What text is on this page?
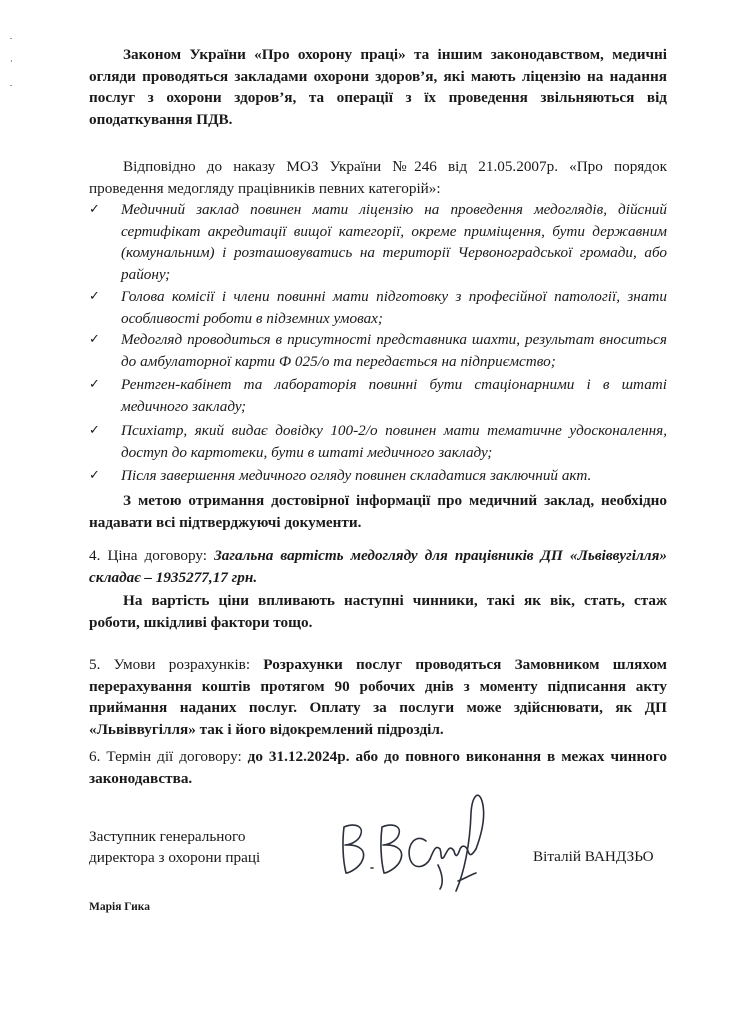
Законом України «Про охорону праці» та іншим законодавством, медичні огляди проводяться закладами охорони здоров’я, які мають ліцензію на надання послуг з охорони здоров’я, та операції з їх проведення звільняються від оподаткування ПДВ.

Відповідно до наказу МОЗ України №246 від 21.05.2007р. «Про порядок проведення медогляду працівників певних категорій»:

✓ Медичний заклад повинен мати ліцензію на проведення медоглядів, дійсний сертифікат акредитації вищої категорії, окреме приміщення, бути державним (комунальним) і розташовуватись на території Червоноградської громади, або району;
✓ Голова комісії і члени повинні мати підготовку з професійної патології, знати особливості роботи в підземних умовах;
✓ Медогляд проводиться в присутності представника шахти, результат вноситься до амбулаторної карти Ф 025/о та передається на підприємство;
✓ Рентген-кабінет та лабораторія повинні бути стаціонарними і в штаті медичного закладу;
✓ Психіатр, який видає довідку 100-2/о повинен мати тематичне удосконалення, доступ до картотеки, бути в штаті медичного закладу;
✓ Після завершення медичного огляду повинен складатися заключний акт.

З метою отримання достовірної інформації про медичний заклад, необхідно надавати всі підтверджуючі документи.

4. Ціна договору: Загальна вартість медогляду для працівників ДП «Львіввугілля» складає – 1935277,17 грн.

На вартість ціни впливають наступні чинники, такі як вік, стать, стаж роботи, шкідливі фактори тощо.

5. Умови розрахунків: Розрахунки послуг проводяться Замовником шляхом перерахування коштів протягом 90 робочих днів з моменту підписання акту приймання наданих послуг. Оплату за послуги може здійснювати, як ДП «Львіввугілля» так і його відокремлений підрозділ.

6. Термін дії договору: до 31.12.2024р. або до повного виконання в межах чинного законодавства.

Заступник генерального
директора з охорони праці	Віталій ВАНДЗЬО
Марія Гика
